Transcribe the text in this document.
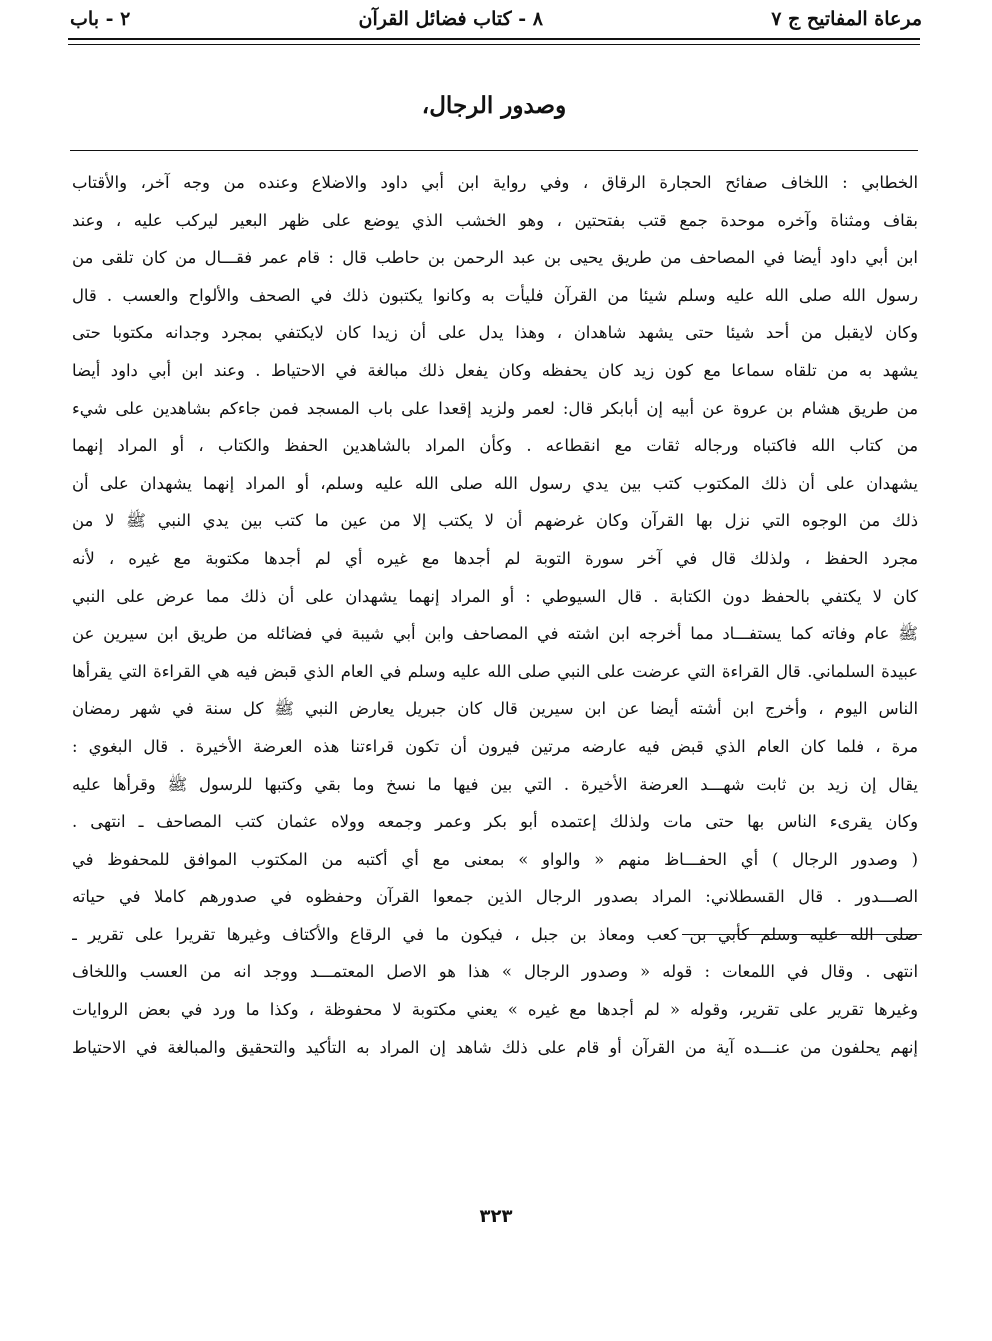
مرعاة المفاتيح ج ٧
٨ - كتاب فضائل القرآن
٢ - باب
وصدور الرجال،
الخطابي : اللخاف صفائح الحجارة الرقاق ، وفي رواية ابن أبي داود والاضلاع وعنده من وجه آخر، والأقتاب
بقاف ومثناة وآخره موحدة جمع قتب بفتحتين ، وهو الخشب الذي يوضع على ظهر البعير ليركب عليه ، وعند
ابن أبي داود أيضا في المصاحف من طريق يحيى بن عبد الرحمن بن حاطب قال : قام عمر فقـــال من كان تلقى من
رسول الله صلى الله عليه وسلم شيئا من القرآن فليأت به وكانوا يكتبون ذلك في الصحف والألواح والعسب . قال
وكان لايقبل من أحد شيئا حتى يشهد شاهدان ، وهذا يدل على أن زيدا كان لايكتفي بمجرد وجدانه مكتوبا حتى
يشهد به من تلقاه سماعا مع كون زيد كان يحفظه وكان يفعل ذلك مبالغة في الاحتياط . وعند ابن أبي داود أيضا
من طريق هشام بن عروة عن أبيه إن أبابكر قال: لعمر ولزيد إقعدا على باب المسجد فمن جاءكم بشاهدين على شيء
من كتاب الله فاكتباه ورجاله ثقات مع انقطاعه . وكأن المراد بالشاهدين الحفظ والكتاب ، أو المراد إنهما
يشهدان على أن ذلك المكتوب كتب بين يدي رسول الله صلى الله عليه وسلم، أو المراد إنهما يشهدان على أن
ذلك من الوجوه التي نزل بها القرآن وكان غرضهم أن لا يكتب إلا من عين ما كتب بين يدي النبي ﷺ لا من
مجرد الحفظ ، ولذلك قال في آخر سورة التوبة لم أجدها مع غيره أي لم أجدها مكتوبة مع غيره ، لأنه
كان لا يكتفي بالحفظ دون الكتابة . قال السيوطي : أو المراد إنهما يشهدان على أن ذلك مما عرض على النبي
ﷺ عام وفاته كما يستفـــاد مما أخرجه ابن اشته في المصاحف وابن أبي شيبة في فضائله من طريق ابن سيرين عن
عبيدة السلماني. قال القراءة التي عرضت على النبي صلى الله عليه وسلم في العام الذي قبض فيه هي القراءة التي يقرأها
الناس اليوم ، وأخرج ابن أشته أيضا عن ابن سيرين قال كان جبريل يعارض النبي ﷺ كل سنة في شهر رمضان
مرة ، فلما كان العام الذي قبض فيه عارضه مرتين فيرون أن تكون قراءتنا هذه العرضة الأخيرة . قال البغوي :
يقال إن زيد بن ثابت شهـــد العرضة الأخيرة . التي بين فيها ما نسخ وما بقي وكتبها للرسول ﷺ وقرأها عليه
وكان يقرىء الناس بها حتى مات ولذلك إعتمده أبو بكر وعمر وجمعه وولاه عثمان كتب المصاحف ـ انتهى .
( وصدور الرجال ) أي الحفـــاظ منهم « والواو » بمعنى مع أي أكتبه من المكتوب الموافق للمحفوظ في
الصـــدور . قال القسطلاني: المراد بصدور الرجال الذين جمعوا القرآن وحفظوه في صدورهم كاملا في حياته
صلى الله عليه وسلم كأبي بن كعب ومعاذ بن جبل ، فيكون ما في الرقاع والأكتاف وغيرها تقريرا على تقرير ـ
انتهى . وقال في اللمعات : قوله « وصدور الرجال » هذا هو الاصل المعتمـــد ووجد انه من العسب واللخاف
وغيرها تقرير على تقرير، وقوله « لم أجدها مع غيره » يعني مكتوبة لا محفوظة ، وكذا ما ورد في بعض الروايات
إنهم يحلفون من عنـــده آية من القرآن أو قام على ذلك شاهد إن المراد به التأكيد والتحقيق والمبالغة في الاحتياط
٣٢٣
